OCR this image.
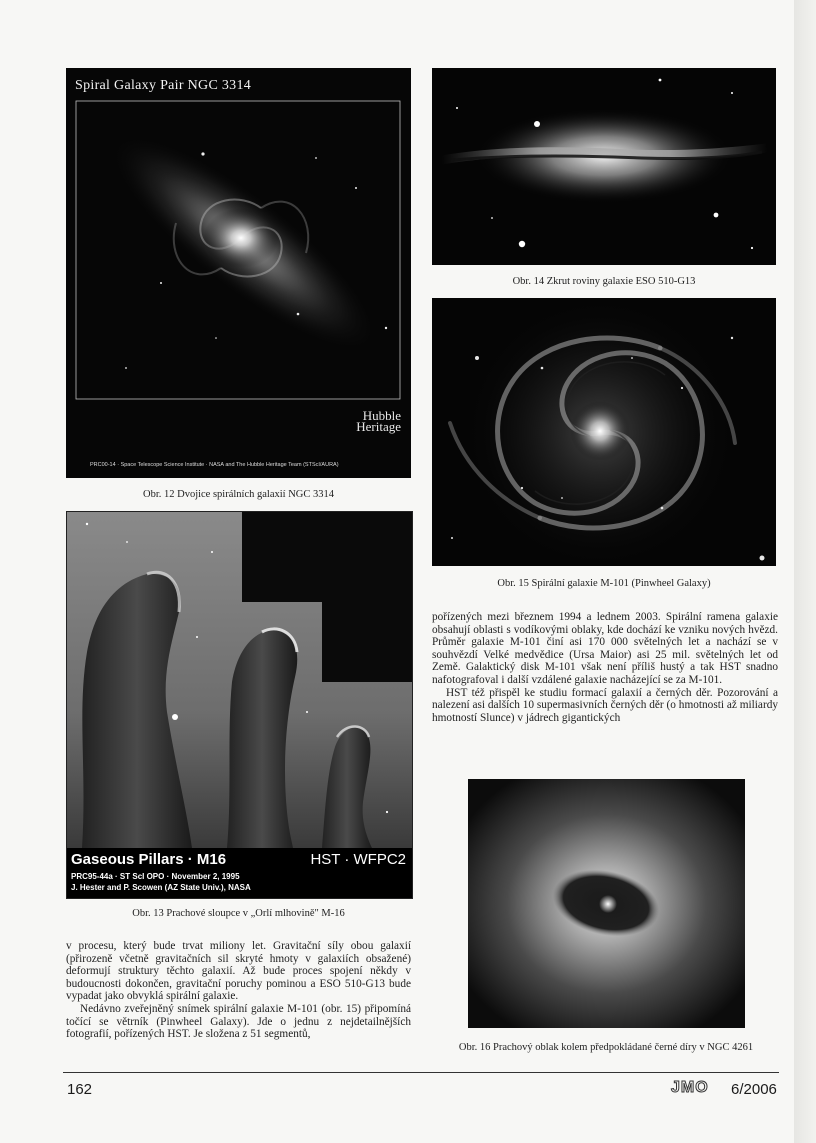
Spiral Galaxy Pair NGC 3314
Hubble
Heritage
PRC00-14 · Space Telescope Science Institute · NASA and The Hubble Heritage Team (STScI/AURA)
Obr. 12 Dvojice spirálních galaxií NGC 3314
Obr. 14 Zkrut roviny galaxie ESO 510-G13
Obr. 15 Spirální galaxie M-101 (Pinwheel Galaxy)
Gaseous Pillars · M16	HST · WFPC2
PRC95-44a · ST ScI OPO · November 2, 1995
J. Hester and P. Scowen (AZ State Univ.), NASA
Obr. 13 Prachové sloupce v „Orlí mlhovině" M-16
Obr. 16 Prachový oblak kolem předpokládané černé díry v NGC 4261

v procesu, který bude trvat miliony let. Gravitační síly obou galaxií (přirozeně včetně gravitačních sil skryté hmoty v galaxiích obsažené) deformují struktury těchto galaxií. Až bude proces spojení někdy v budoucnosti dokončen, gravitační poruchy pominou a ESO 510-G13 bude vypadat jako obvyklá spirální galaxie.

Nedávno zveřejněný snímek spirální galaxie M-101 (obr. 15) připomíná točící se větrník (Pinwheel Galaxy). Jde o jednu z nejdetailnějších fotografií, pořízených HST. Je složena z 51 segmentů,

pořízených mezi březnem 1994 a lednem 2003. Spirální ramena galaxie obsahují oblasti s vodíkovými oblaky, kde dochází ke vzniku nových hvězd. Průměr galaxie M-101 činí asi 170 000 světelných let a nachází se v souhvězdí Velké medvědice (Ursa Maior) asi 25 mil. světelných let od Země. Galaktický disk M-101 však není příliš hustý a tak HST snadno nafotografoval i další vzdálené galaxie nacházející se za M-101.

HST též přispěl ke studiu formací galaxií a černých děr. Pozorování a nalezení asi dalších 10 supermasivních černých děr (o hmotnosti až miliardy hmotností Slunce) v jádrech gigantických

162	JMO 6/2006
